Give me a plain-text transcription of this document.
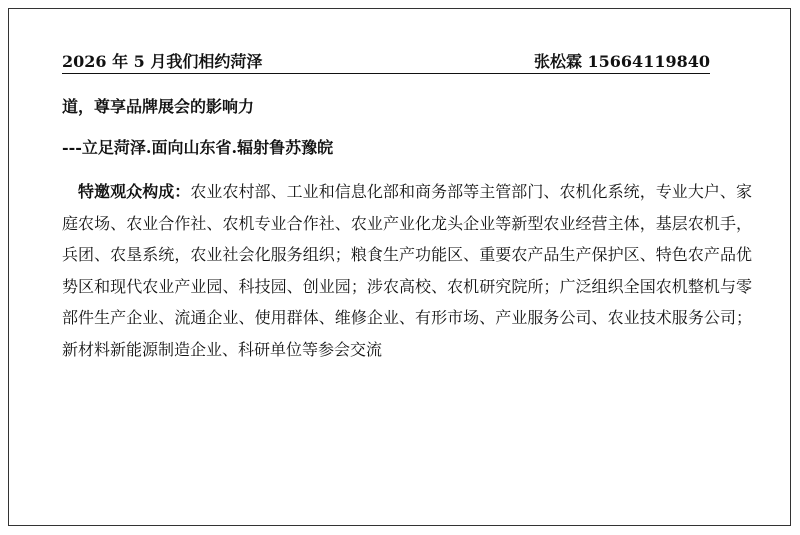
2026 年 5 月我们相约菏泽	张松霖 15664119840
道，尊享品牌展会的影响力
---立足菏泽.面向山东省.辐射鲁苏豫皖
特邀观众构成：农业农村部、工业和信息化部和商务部等主管部门、农机化系统，专业大户、家庭农场、农业合作社、农机专业合作社、农业产业化龙头企业等新型农业经营主体，基层农机手，兵团、农垦系统，农业社会化服务组织；粮食生产功能区、重要农产品生产保护区、特色农产品优势区和现代农业产业园、科技园、创业园；涉农高校、农机研究院所；广泛组织全国农机整机与零部件生产企业、流通企业、使用群体、维修企业、有形市场、产业服务公司、农业技术服务公司；新材料新能源制造企业、科研单位等参会交流
